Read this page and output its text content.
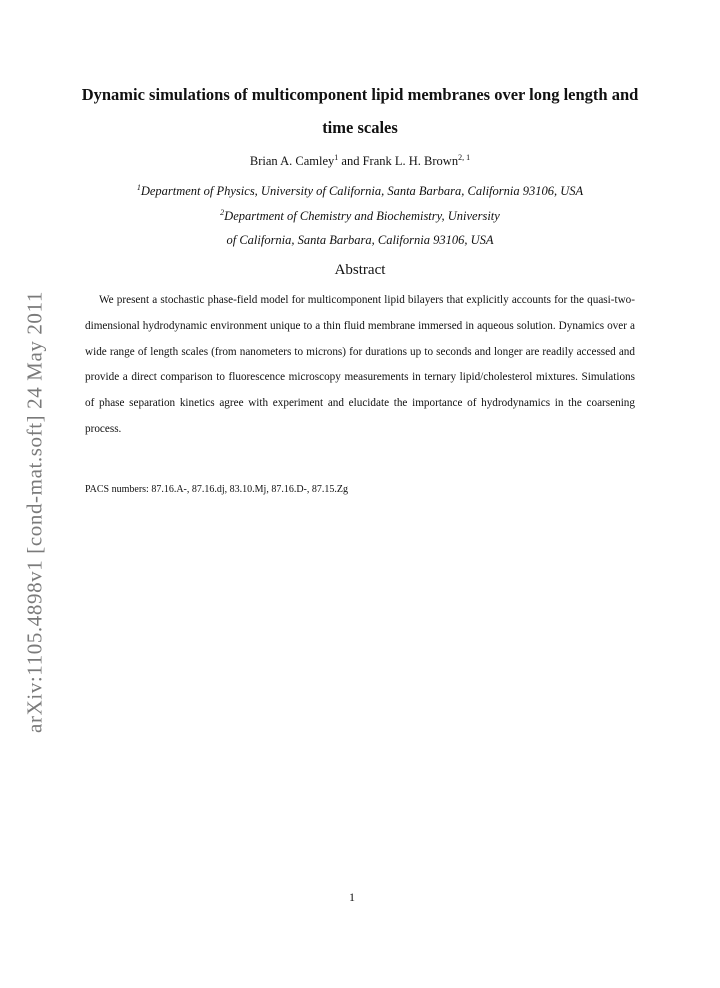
arXiv:1105.4898v1 [cond-mat.soft] 24 May 2011
Dynamic simulations of multicomponent lipid membranes over long length and time scales
Brian A. Camley$^1$ and Frank L. H. Brown$^{2, 1}$
$^1$Department of Physics, University of California, Santa Barbara, California 93106, USA
$^2$Department of Chemistry and Biochemistry, University
of California, Santa Barbara, California 93106, USA
Abstract
We present a stochastic phase-field model for multicomponent lipid bilayers that explicitly accounts for the quasi-two-dimensional hydrodynamic environment unique to a thin fluid membrane immersed in aqueous solution. Dynamics over a wide range of length scales (from nanometers to microns) for durations up to seconds and longer are readily accessed and provide a direct comparison to fluorescence microscopy measurements in ternary lipid/cholesterol mixtures. Simulations of phase separation kinetics agree with experiment and elucidate the importance of hydrodynamics in the coarsening process.
PACS numbers: 87.16.A-, 87.16.dj, 83.10.Mj, 87.16.D-, 87.15.Zg
1
